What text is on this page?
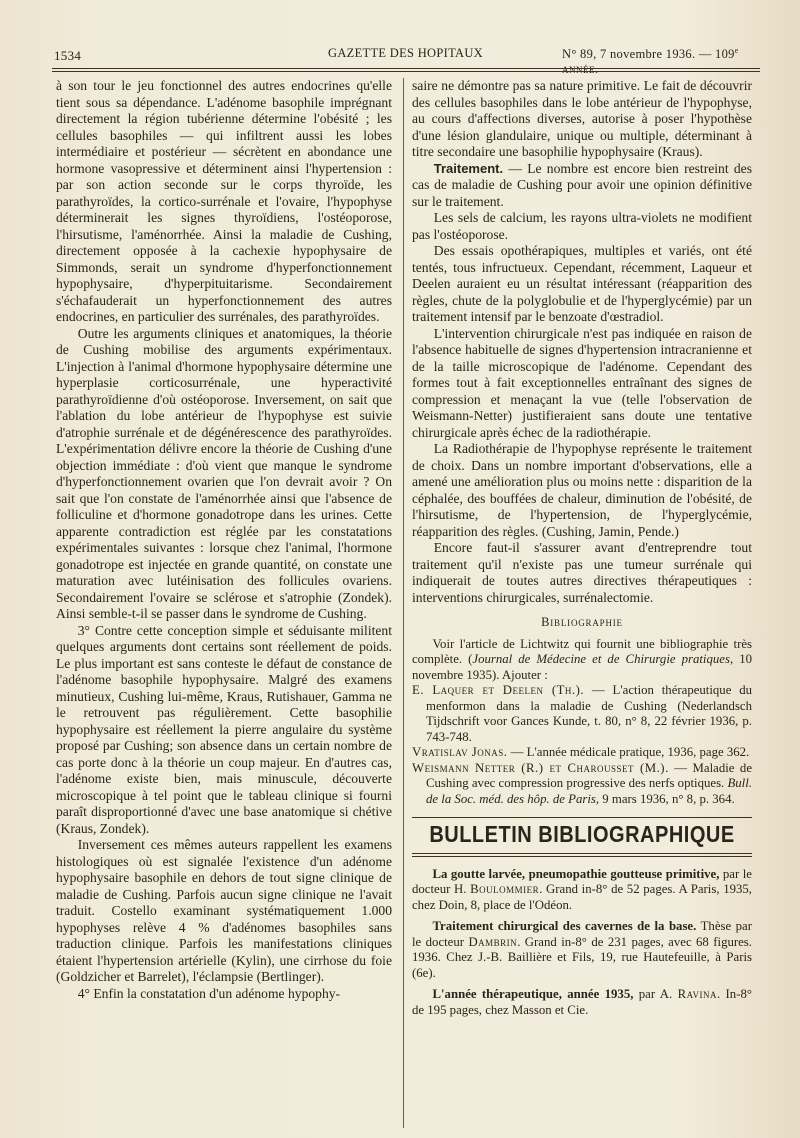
1534	GAZETTE DES HOPITAUX	N° 89, 7 novembre 1936. — 109e année.

à son tour le jeu fonctionnel des autres endocrines qu'elle tient sous sa dépendance. L'adénome basophile imprégnant directement la région tubérienne détermine l'obésité ; les cellules basophiles — qui infiltrent aussi les lobes intermédiaire et postérieur — sécrètent en abondance une hormone vasopressive et déterminent ainsi l'hypertension : par son action seconde sur le corps thyroïde, les parathyroïdes, la cortico-surrénale et l'ovaire, l'hypophyse déterminerait les signes thyroïdiens, l'ostéoporose, l'hirsutisme, l'aménorrhée. Ainsi la maladie de Cushing, directement opposée à la cachexie hypophysaire de Simmonds, serait un syndrome d'hyperfonctionnement hypophysaire, d'hyperpituitarisme. Secondairement s'échafauderait un hyperfonctionnement des autres endocrines, en particulier des surrénales, des parathyroïdes.

Outre les arguments cliniques et anatomiques, la théorie de Cushing mobilise des arguments expérimentaux. L'injection à l'animal d'hormone hypophysaire détermine une hyperplasie corticosurrénale, une hyperactivité parathyroïdienne d'où ostéoporose. Inversement, on sait que l'ablation du lobe antérieur de l'hypophyse est suivie d'atrophie surrénale et de dégénérescence des parathyroïdes. L'expérimentation délivre encore la théorie de Cushing d'une objection immédiate : d'où vient que manque le syndrome d'hyperfonctionnement ovarien que l'on devrait avoir ? On sait que l'on constate de l'aménorrhée ainsi que l'absence de folliculine et d'hormone gonadotrope dans les urines. Cette apparente contradiction est réglée par les constatations expérimentales suivantes : lorsque chez l'animal, l'hormone gonadotrope est injectée en grande quantité, on constate une maturation avec lutéinisation des follicules ovariens. Secondairement l'ovaire se sclérose et s'atrophie (Zondek). Ainsi semble-t-il se passer dans le syndrome de Cushing.

3° Contre cette conception simple et séduisante militent quelques arguments dont certains sont réellement de poids. Le plus important est sans conteste le défaut de constance de l'adénome basophile hypophysaire. Malgré des examens minutieux, Cushing lui-même, Kraus, Rutishauer, Gamma ne le retrouvent pas régulièrement. Cette basophilie hypophysaire est réellement la pierre angulaire du système proposé par Cushing; son absence dans un certain nombre de cas porte donc à la théorie un coup majeur. En d'autres cas, l'adénome existe bien, mais minuscule, découverte microscopique à tel point que le tableau clinique si fourni paraît disproportionné d'avec une base anatomique si chétive (Kraus, Zondek).

Inversement ces mêmes auteurs rappellent les examens histologiques où est signalée l'existence d'un adénome hypophysaire basophile en dehors de tout signe clinique de maladie de Cushing. Parfois aucun signe clinique ne l'avait traduit. Costello examinant systématiquement 1.000 hypophyses relève 4 % d'adénomes basophiles sans traduction clinique. Parfois les manifestations cliniques étaient l'hypertension artérielle (Kylin), une cirrhose du foie (Goldzicher et Barrelet), l'éclampsie (Bertlinger).

4° Enfin la constatation d'un adénome hypophy-

saire ne démontre pas sa nature primitive. Le fait de découvrir des cellules basophiles dans le lobe antérieur de l'hypophyse, au cours d'affections diverses, autorise à poser l'hypothèse d'une lésion glandulaire, unique ou multiple, déterminant à titre secondaire une basophilie hypophysaire (Kraus).

Traitement. — Le nombre est encore bien restreint des cas de maladie de Cushing pour avoir une opinion définitive sur le traitement.

Les sels de calcium, les rayons ultra-violets ne modifient pas l'ostéoporose.

Des essais opothérapiques, multiples et variés, ont été tentés, tous infructueux. Cependant, récemment, Laqueur et Deelen auraient eu un résultat intéressant (réapparition des règles, chute de la polyglobulie et de l'hyperglycémie) par un traitement intensif par le benzoate d'œstradiol.

L'intervention chirurgicale n'est pas indiquée en raison de l'absence habituelle de signes d'hypertension intracranienne et de la taille microscopique de l'adénome. Cependant des formes tout à fait exceptionnelles entraînant des signes de compression et menaçant la vue (telle l'observation de Weismann-Netter) justifieraient sans doute une tentative chirurgicale après échec de la radiothérapie.

La Radiothérapie de l'hypophyse représente le traitement de choix. Dans un nombre important d'observations, elle a amené une amélioration plus ou moins nette : disparition de la céphalée, des bouffées de chaleur, diminution de l'obésité, de l'hirsutisme, de l'hypertension, de l'hyperglycémie, réapparition des règles. (Cushing, Jamin, Pende.)

Encore faut-il s'assurer avant d'entreprendre tout traitement qu'il n'existe pas une tumeur surrénale qui indiquerait de toutes autres directives thérapeutiques : interventions chirurgicales, surrénalectomie.

Bibliographie

Voir l'article de Lichtwitz qui fournit une bibliographie très complète. (Journal de Médecine et de Chirurgie pratiques, 10 novembre 1935). Ajouter :

E. Laquer et Deelen (Th.). — L'action thérapeutique du menformon dans la maladie de Cushing (Nederlandsch Tijdschrift voor Gances Kunde, t. 80, n° 8, 22 février 1936, p. 743-748.

Vratislav Jonas. — L'année médicale pratique, 1936, page 362.

Weismann Netter (R.) et Charousset (M.). — Maladie de Cushing avec compression progressive des nerfs optiques. Bull. de la Soc. méd. des hôp. de Paris, 9 mars 1936, n° 8, p. 364.

BULLETIN BIBLIOGRAPHIQUE

La goutte larvée, pneumopathie goutteuse primitive, par le docteur H. Boulommier. Grand in-8° de 52 pages. A Paris, 1935, chez Doin, 8, place de l'Odéon.

Traitement chirurgical des cavernes de la base. Thèse par le docteur Dambrin. Grand in-8° de 231 pages, avec 68 figures. 1936. Chez J.-B. Baillière et Fils, 19, rue Hautefeuille, à Paris (6e).

L'année thérapeutique, année 1935, par A. Ravina. In-8° de 195 pages, chez Masson et Cie.
